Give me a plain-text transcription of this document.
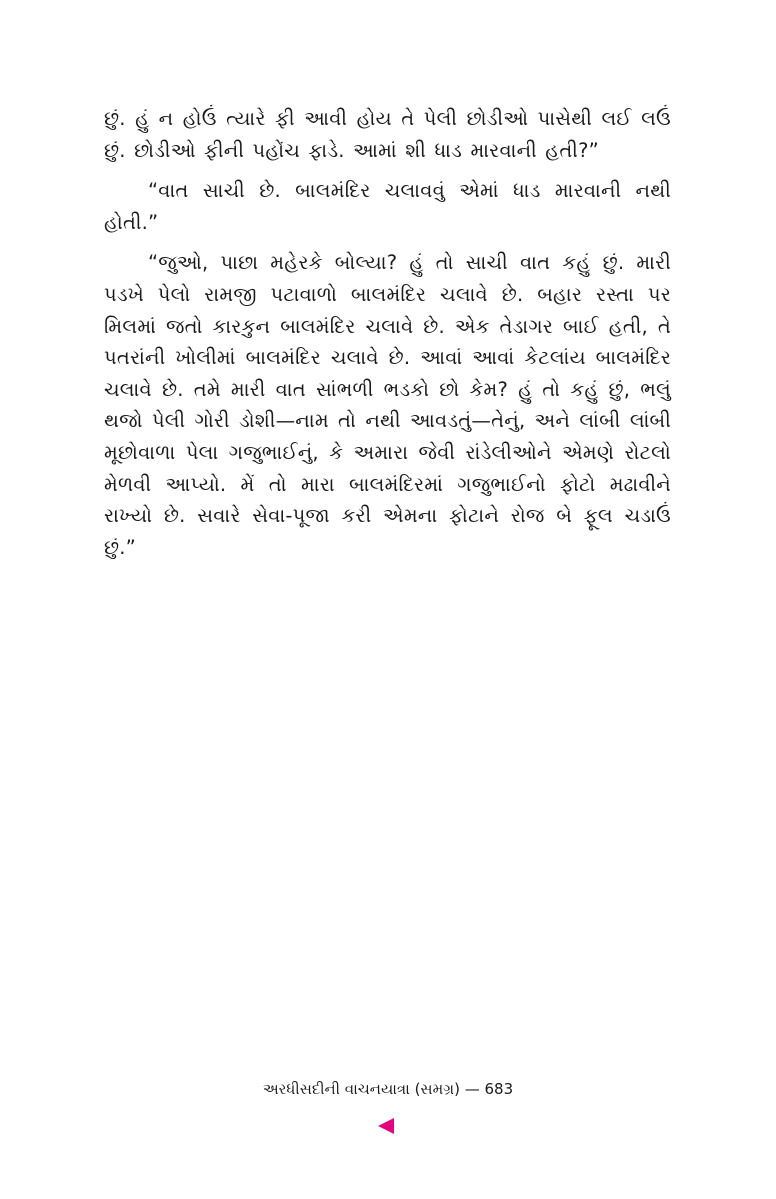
છું. હું ન હોઉં ત્યારે ફી આવી હોય તે પેલી છોડીઓ પાસેથી લઈ લઉં છું. છોડીઓ ફીની પહોંચ ફાડે. આમાં શી ધાડ મારવાની હતી?”

“વાત સાચી છે. બાલમંદિર ચલાવવું એમાં ધાડ મારવાની નથી હોતી.”

“જુઓ, પાછા મહેરકે બોલ્યા? હું તો સાચી વાત કહું છું. મારી પડખે પેલો રામજી પટાવાળો બાલમંદિર ચલાવે છે. બહાર રસ્તા પર મિલમાં જતો કારકુન બાલમંદિર ચલાવે છે. એક તેડાગર બાઈ હતી, તે પતરાંની ખોલીમાં બાલમંદિર ચલાવે છે. આવાં આવાં કેટલાંય બાલમંદિર ચલાવે છે. તમે મારી વાત સાંભળી ભડકો છો કેમ? હું તો કહું છું, ભલું થજો પેલી ગોરી ડોશી—નામ તો નથી આવડતું—તેનું, અને લાંબી લાંબી મૂછોવાળા પેલા ગજુભાઈનું, કે અમારા જેવી રાંડેલીઓને એમણે રોટલો મેળવી આપ્યો. મેં તો મારા બાલમંદિરમાં ગજુભાઈનો ફોટો મઢાવીને રાખ્યો છે. સવારે સેવા-પૂજા કરી એમના ફોટાને રોજ બે ફૂલ ચડાઉં છું.”

અરધીસદીની વાચનયાત્રા (સમગ્ર) — 683
